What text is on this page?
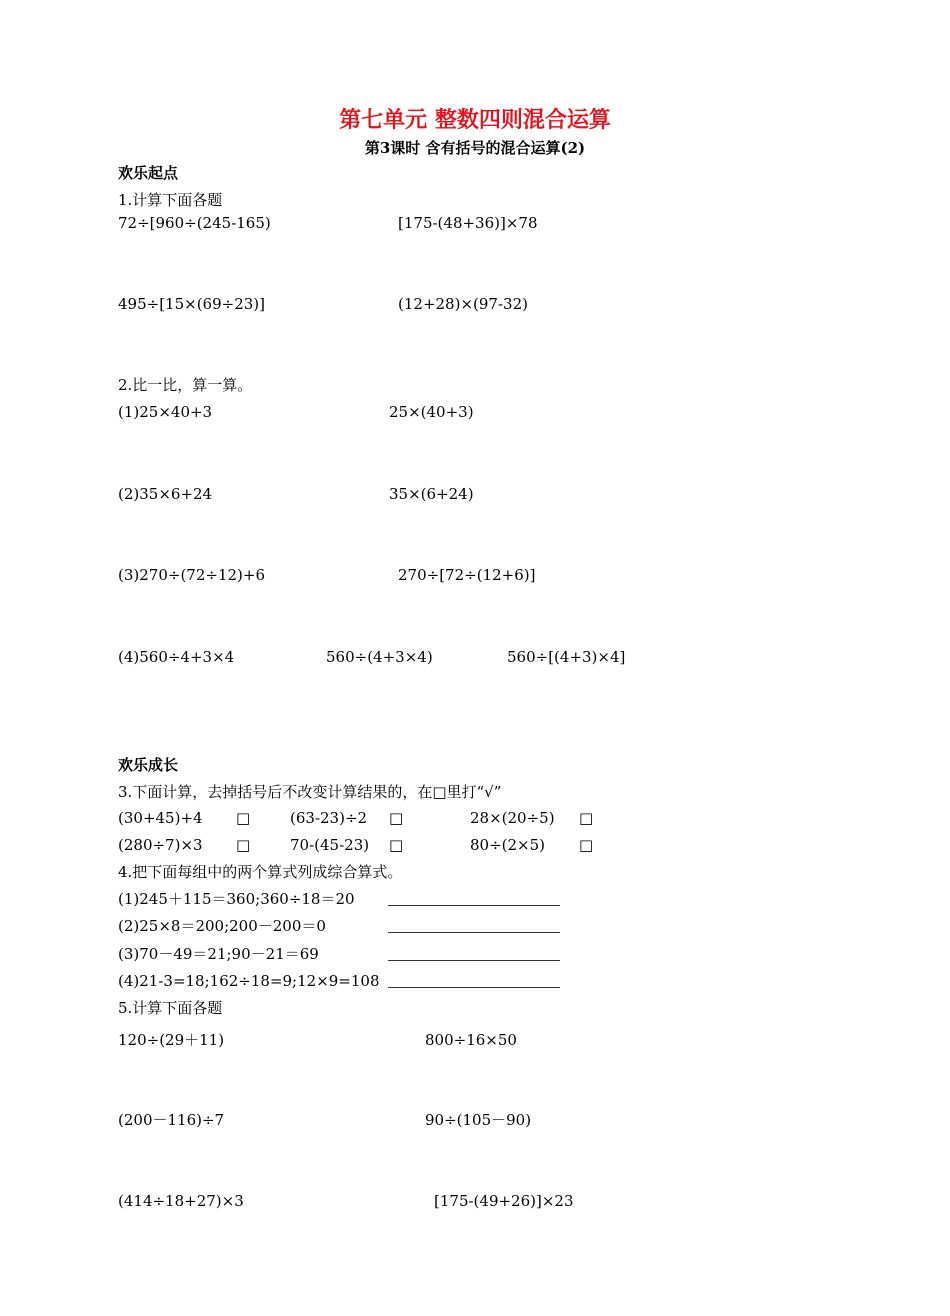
第七单元 整数四则混合运算
第3课时 含有括号的混合运算(2)
欢乐起点
1.计算下面各题
72÷[960÷(245-165)	[175-(48+36)]×78
495÷[15×(69÷23)]	(12+28)×(97-32)
2.比一比，算一算。
(1)25×40+3	25×(40+3)
(2)35×6+24	35×(6+24)
(3)270÷(72÷12)+6	270÷[72÷(12+6)]
(4)560÷4+3×4	560÷(4+3×4)	560÷[(4+3)×4]
欢乐成长
3.下面计算，去掉括号后不改变计算结果的，在□里打“√”
(30+45)+4 □	(63-23)÷2 □	28×(20÷5) □
(280÷7)×3 □	70-(45-23) □	80÷(2×5) □
4.把下面每组中的两个算式列成综合算式。
(1)245＋115＝360;360÷18＝20
(2)25×8＝200;200－200＝0
(3)70－49＝21;90－21＝69
(4)21-3=18;162÷18=9;12×9=108
5.计算下面各题
120÷(29＋11)	800÷16×50
(200－116)÷7	90÷(105－90)
(414÷18+27)×3	[175-(49+26)]×23
